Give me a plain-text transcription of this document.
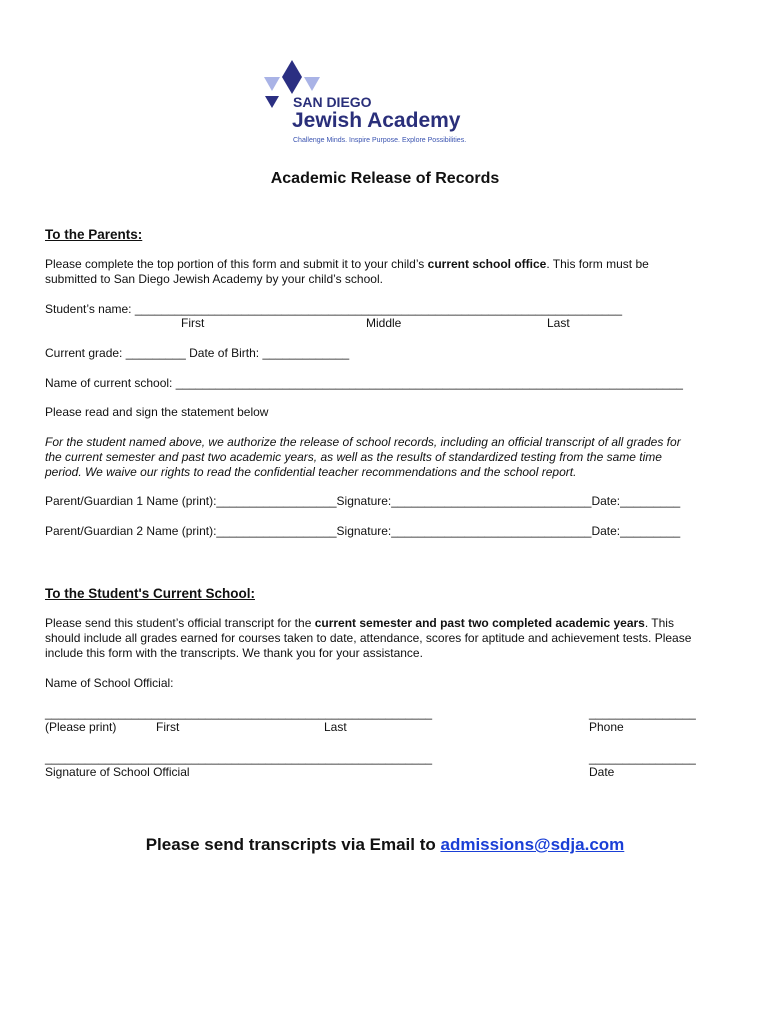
SAN DIEGO
Jewish Academy
Challenge Minds. Inspire Purpose. Explore Possibilities.
Academic Release of Records
To the Parents:
Please complete the top portion of this form and submit it to your child’s current school office. This form must be
submitted to San Diego Jewish Academy by your child’s school.
Student’s name: _________________________________________________________________________
First	Middle	Last
Current grade: _________ Date of Birth: _____________
Name of current school: ____________________________________________________________________________
Please read and sign the statement below
For the student named above, we authorize the release of school records, including an official transcript of all grades for
the current semester and past two academic years, as well as the results of standardized testing from the same time
period. We waive our rights to read the confidential teacher recommendations and the school report.
Parent/Guardian 1 Name (print):__________________Signature:______________________________Date:_________
Parent/Guardian 2 Name (print):__________________Signature:______________________________Date:_________
To the Student's Current School:
Please send this student’s official transcript for the current semester and past two completed academic years. This
should include all grades earned for courses taken to date, attendance, scores for aptitude and achievement tests. Please
include this form with the transcripts. We thank you for your assistance.
Name of School Official:
__________________________________________________________	________________
(Please print)	First	Last	Phone
__________________________________________________________	________________
Signature of School Official	Date
Please send transcripts via Email to admissions@sdja.com
